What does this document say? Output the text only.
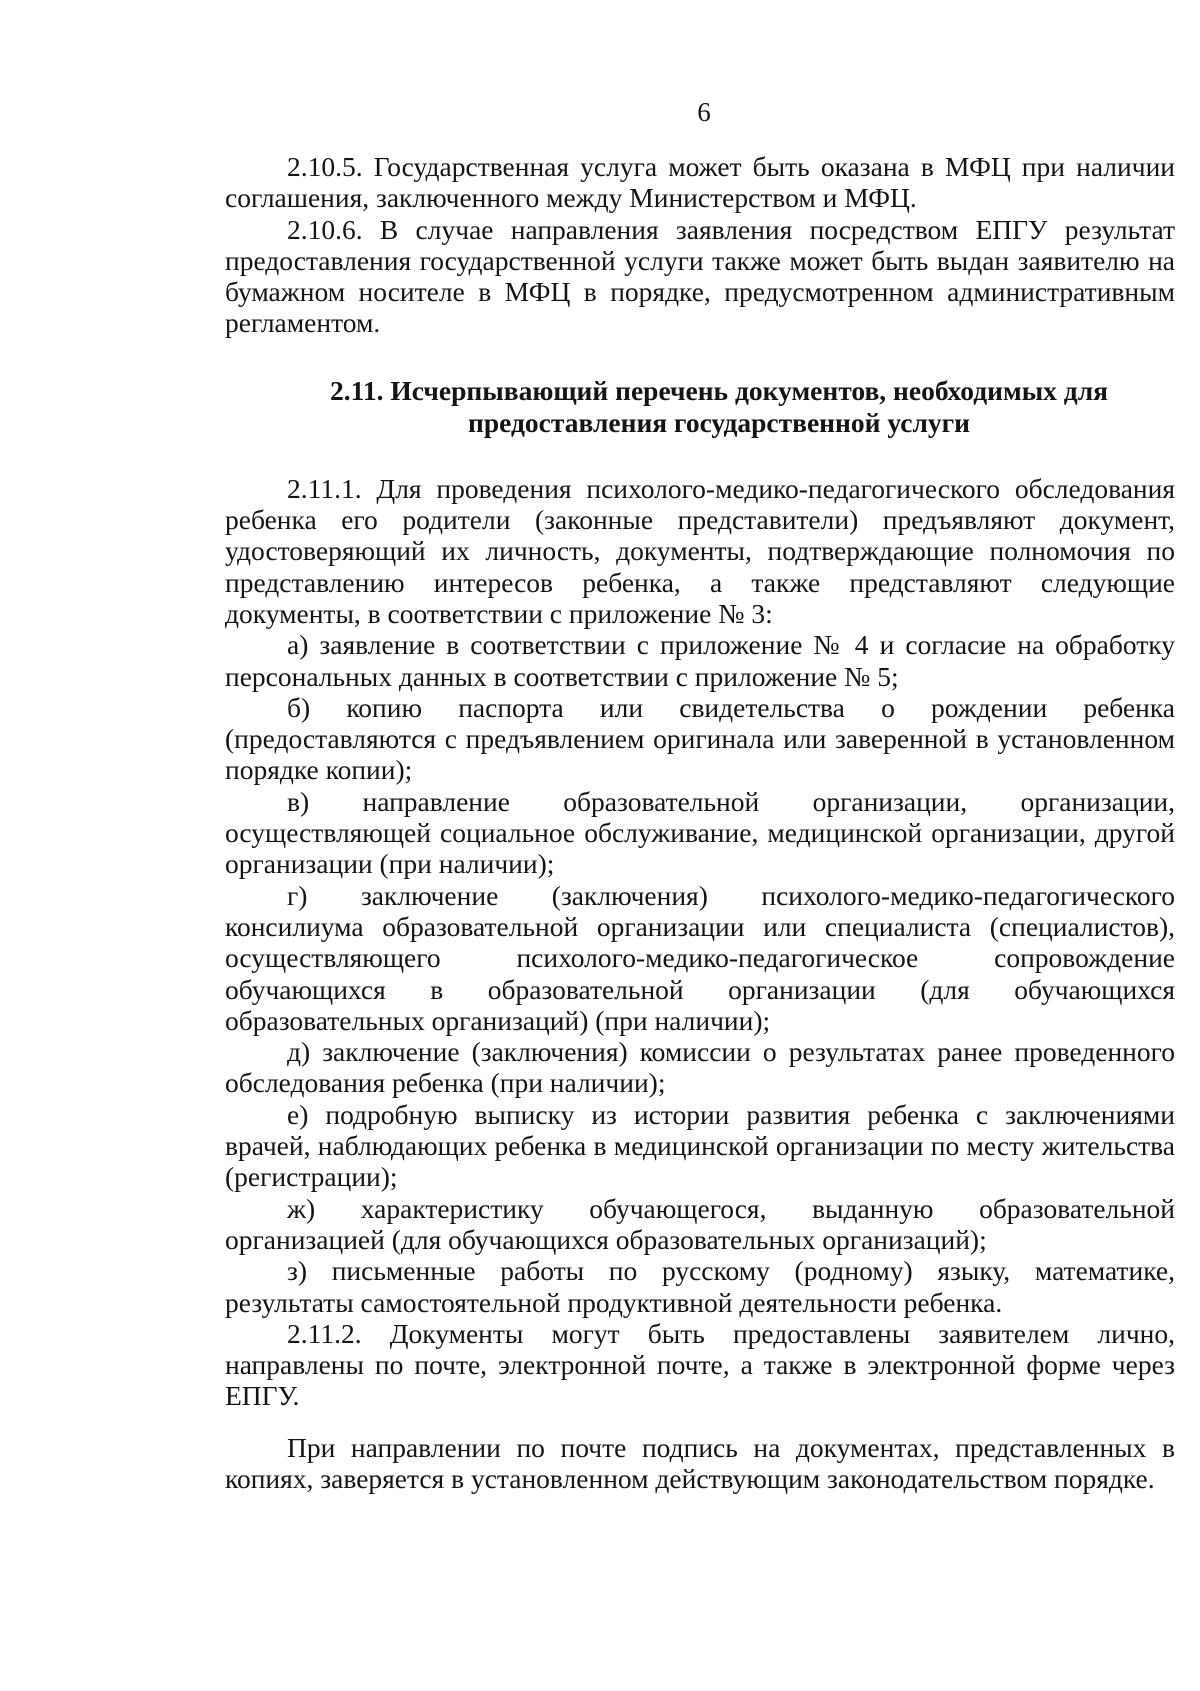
6

2.10.5. Государственная услуга может быть оказана в МФЦ при наличии соглашения, заключенного между Министерством и МФЦ.

2.10.6. В случае направления заявления посредством ЕПГУ результат предоставления государственной услуги также может быть выдан заявителю на бумажном носителе в МФЦ в порядке, предусмотренном административным регламентом.

2.11. Исчерпывающий перечень документов, необходимых для
предоставления государственной услуги

2.11.1. Для проведения психолого-медико-педагогического обследования ребенка его родители (законные представители) предъявляют документ, удостоверяющий их личность, документы, подтверждающие полномочия по представлению интересов ребенка, а также представляют следующие документы, в соответствии с приложение № 3:

а) заявление в соответствии с приложение № 4 и согласие на обработку персональных данных в соответствии с приложение № 5;

б) копию паспорта или свидетельства о рождении ребенка (предоставляются с предъявлением оригинала или заверенной в установленном порядке копии);

в) направление образовательной организации, организации, осуществляющей социальное обслуживание, медицинской организации, другой организации (при наличии);

г) заключение (заключения) психолого-медико-педагогического консилиума образовательной организации или специалиста (специалистов), осуществляющего психолого-медико-педагогическое сопровождение обучающихся в образовательной организации (для обучающихся образовательных организаций) (при наличии);

д) заключение (заключения) комиссии о результатах ранее проведенного обследования ребенка (при наличии);

е) подробную выписку из истории развития ребенка с заключениями врачей, наблюдающих ребенка в медицинской организации по месту жительства (регистрации);

ж) характеристику обучающегося, выданную образовательной организацией (для обучающихся образовательных организаций);

з) письменные работы по русскому (родному) языку, математике, результаты самостоятельной продуктивной деятельности ребенка.

2.11.2. Документы могут быть предоставлены заявителем лично, направлены по почте, электронной почте, а также в электронной форме через ЕПГУ.

При направлении по почте подпись на документах, представленных в копиях, заверяется в установленном действующим законодательством порядке.
